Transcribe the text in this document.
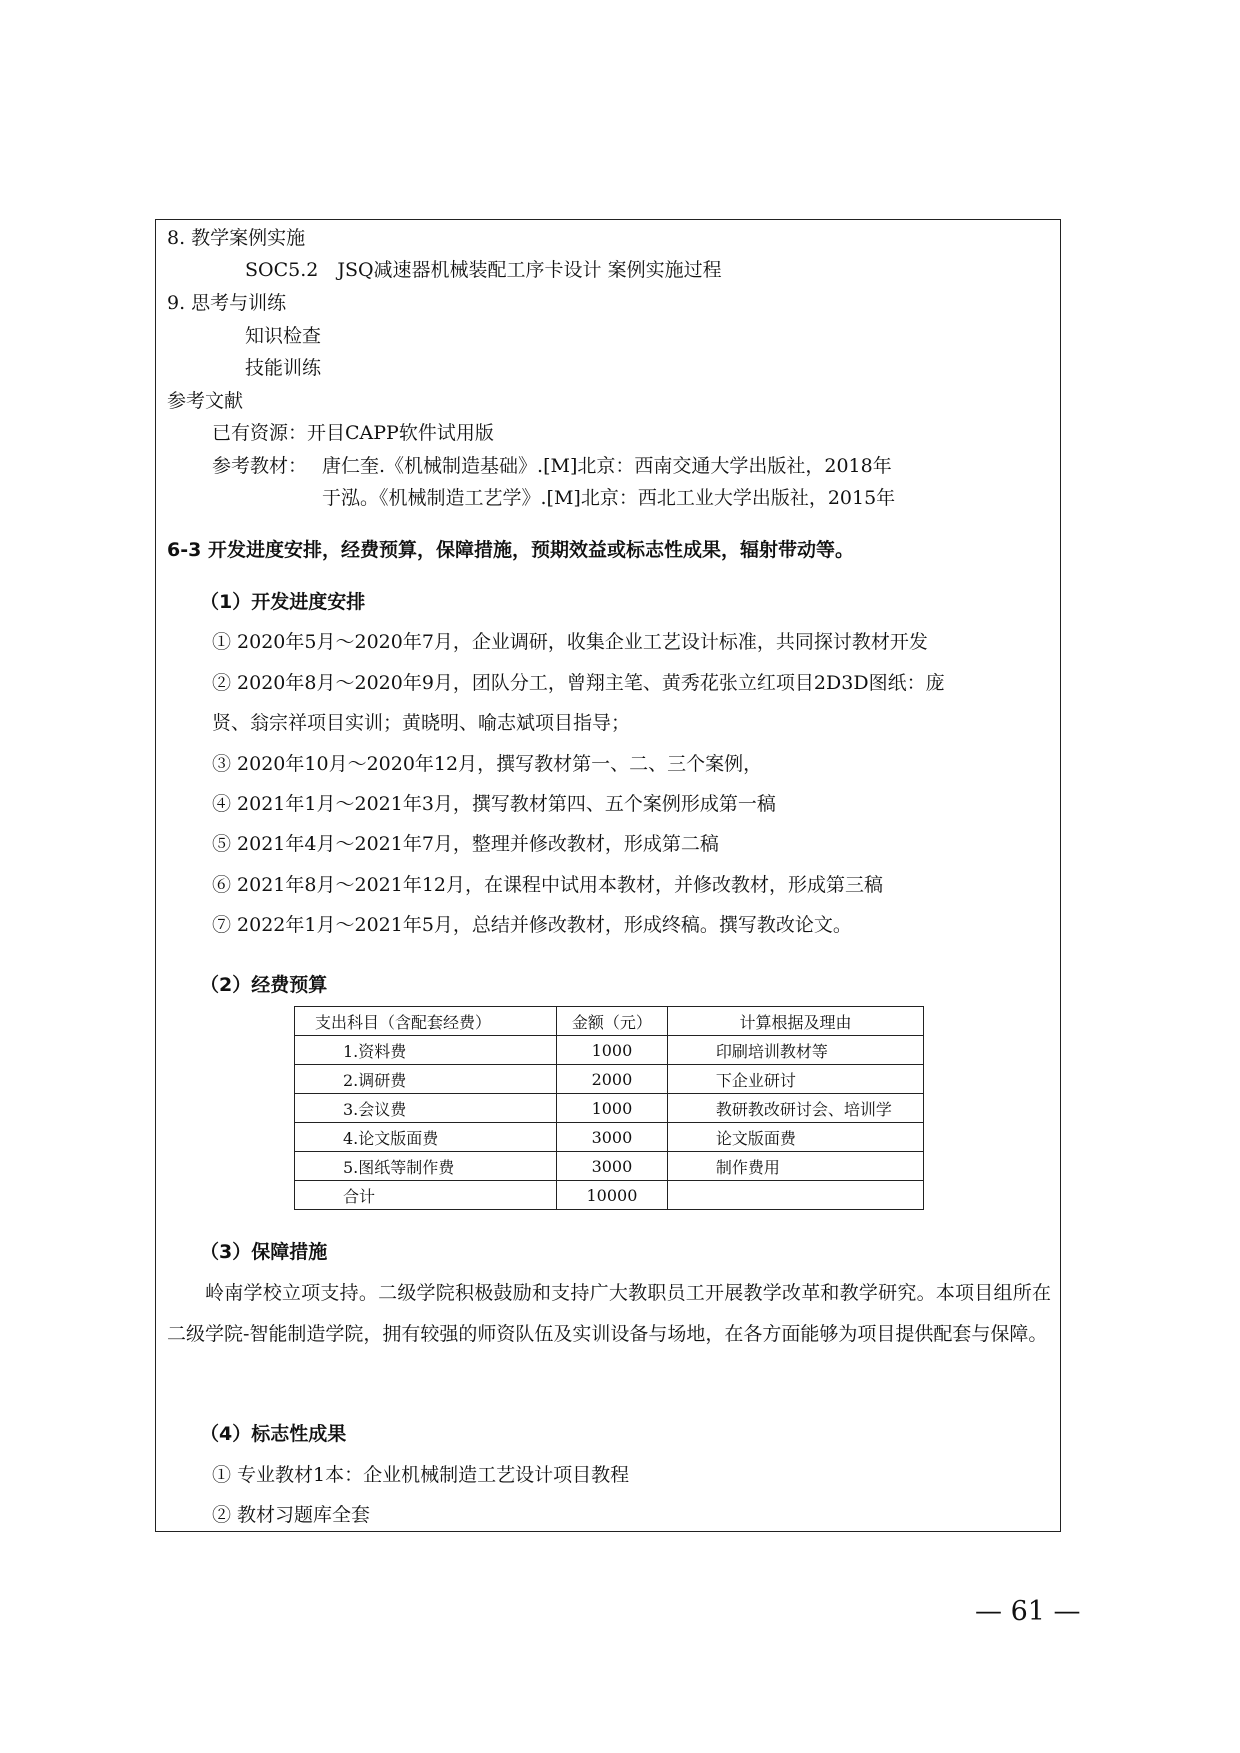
8. 教学案例实施
SOC5.2　JSQ减速器机械装配工序卡设计 案例实施过程
9. 思考与训练
知识检查
技能训练
参考文献
已有资源：开目CAPP软件试用版
参考教材： 唐仁奎.《机械制造基础》.[M]北京：西南交通大学出版社，2018年
于泓。《机械制造工艺学》.[M]北京：西北工业大学出版社，2015年
6-3 开发进度安排，经费预算，保障措施，预期效益或标志性成果，辐射带动等。
（1）开发进度安排
① 2020年5月～2020年7月，企业调研，收集企业工艺设计标准，共同探讨教材开发
② 2020年8月～2020年9月，团队分工，曾翔主笔、黄秀花张立红项目2D3D图纸：庞
贤、翁宗祥项目实训；黄晓明、喻志斌项目指导；
③ 2020年10月～2020年12月，撰写教材第一、二、三个案例，
④ 2021年1月～2021年3月，撰写教材第四、五个案例形成第一稿
⑤ 2021年4月～2021年7月，整理并修改教材，形成第二稿
⑥ 2021年8月～2021年12月，在课程中试用本教材，并修改教材，形成第三稿
⑦ 2022年1月～2021年5月，总结并修改教材，形成终稿。撰写教改论文。
（2）经费预算
支出科目（含配套经费）	金额（元）	计算根据及理由
1.资料费	1000	印刷培训教材等
2.调研费	2000	下企业研讨
3.会议费	1000	教研教改研讨会、培训学
4.论文版面费	3000	论文版面费
5.图纸等制作费	3000	制作费用
合计	10000	
（3）保障措施
岭南学校立项支持。二级学院积极鼓励和支持广大教职员工开展教学改革和教学研究。本项目组所在二级学院-智能制造学院，拥有较强的师资队伍及实训设备与场地，在各方面能够为项目提供配套与保障。
（4）标志性成果
① 专业教材1本：企业机械制造工艺设计项目教程
② 教材习题库全套
— 61 —
